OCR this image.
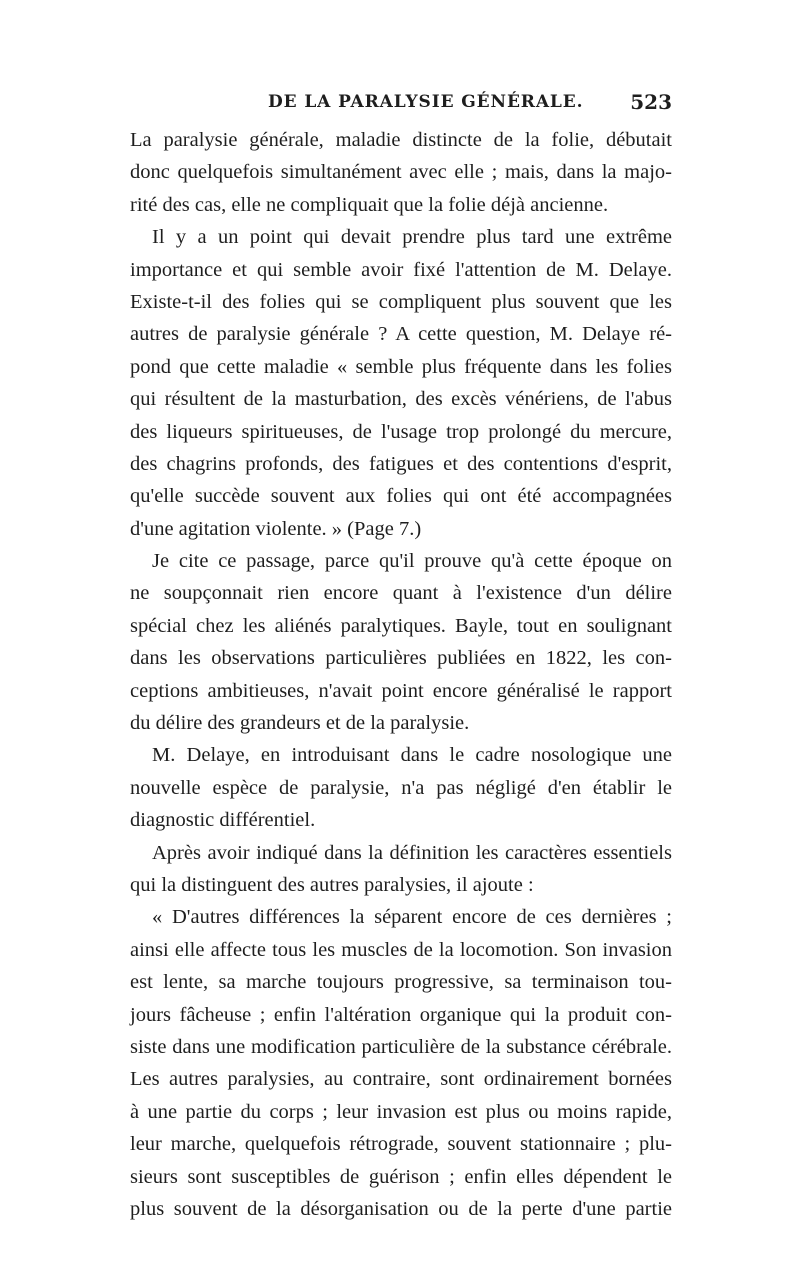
DE LA PARALYSIE GÉNÉRALE. 523
La paralysie générale, maladie distincte de la folie, débutait
donc quelquefois simultanément avec elle ; mais, dans la majo-
rité des cas, elle ne compliquait que la folie déjà ancienne.
Il y a un point qui devait prendre plus tard une extrême
importance et qui semble avoir fixé l'attention de M. Delaye.
Existe-t-il des folies qui se compliquent plus souvent que les
autres de paralysie générale ? A cette question, M. Delaye ré-
pond que cette maladie « semble plus fréquente dans les folies
qui résultent de la masturbation, des excès vénériens, de l'abus
des liqueurs spiritueuses, de l'usage trop prolongé du mercure,
des chagrins profonds, des fatigues et des contentions d'esprit,
qu'elle succède souvent aux folies qui ont été accompagnées
d'une agitation violente. » (Page 7.)
Je cite ce passage, parce qu'il prouve qu'à cette époque on
ne soupçonnait rien encore quant à l'existence d'un délire
spécial chez les aliénés paralytiques. Bayle, tout en soulignant
dans les observations particulières publiées en 1822, les con-
ceptions ambitieuses, n'avait point encore généralisé le rapport
du délire des grandeurs et de la paralysie.
M. Delaye, en introduisant dans le cadre nosologique une
nouvelle espèce de paralysie, n'a pas négligé d'en établir le
diagnostic différentiel.
Après avoir indiqué dans la définition les caractères essentiels
qui la distinguent des autres paralysies, il ajoute :
« D'autres différences la séparent encore de ces dernières ;
ainsi elle affecte tous les muscles de la locomotion. Son invasion
est lente, sa marche toujours progressive, sa terminaison tou-
jours fâcheuse ; enfin l'altération organique qui la produit con-
siste dans une modification particulière de la substance cérébrale.
Les autres paralysies, au contraire, sont ordinairement bornées
à une partie du corps ; leur invasion est plus ou moins rapide,
leur marche, quelquefois rétrograde, souvent stationnaire ; plu-
sieurs sont susceptibles de guérison ; enfin elles dépendent le
plus souvent de la désorganisation ou de la perte d'une partie
